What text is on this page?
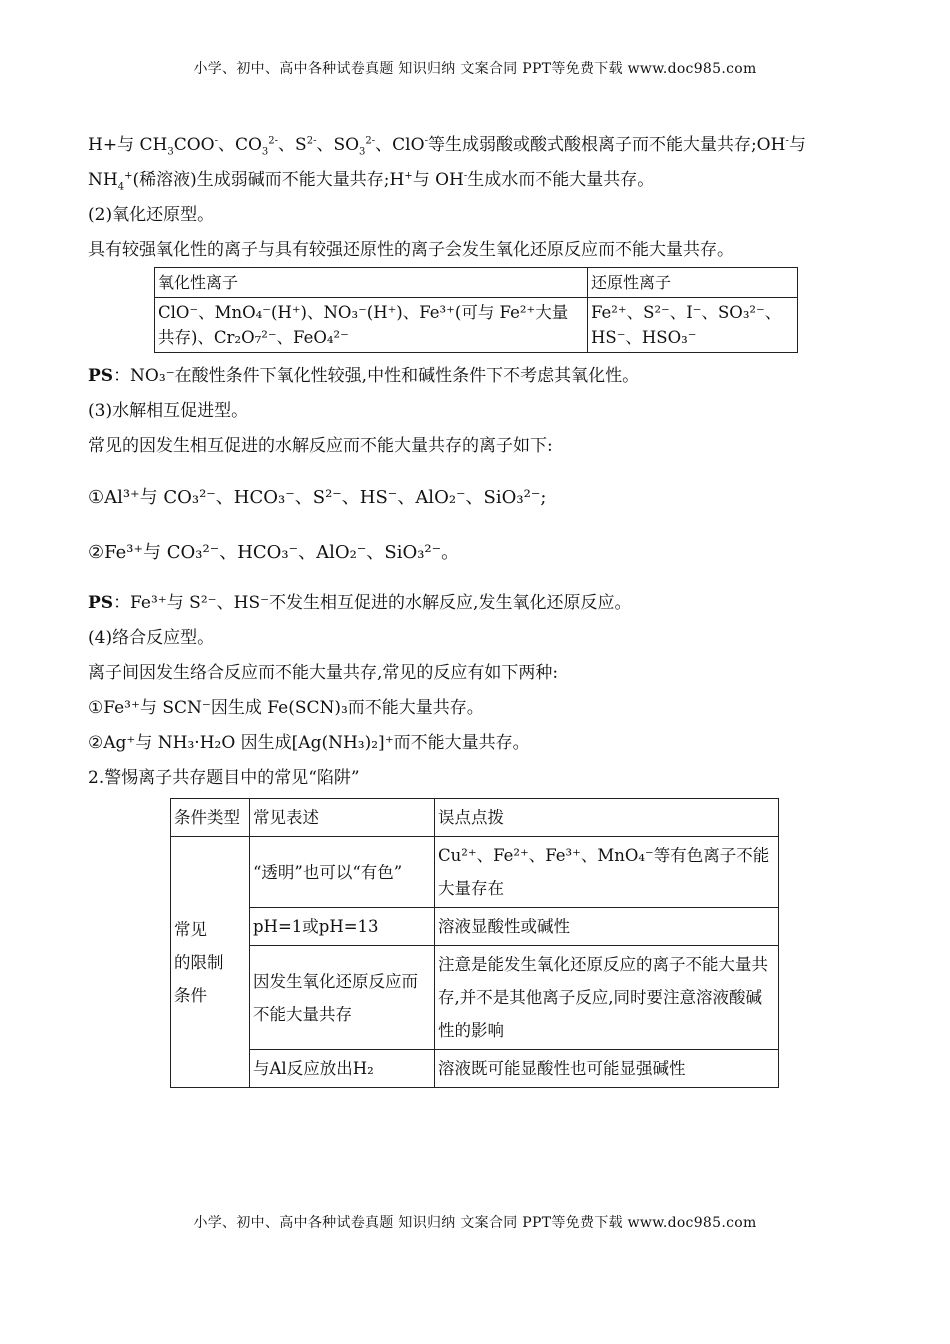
小学、初中、高中各种试卷真题 知识归纳 文案合同 PPT等免费下载 www.doc985.com
H+与 $CH_3COO^-$、$CO_3^{2-}$、$S^{2-}$、$SO_3^{2-}$、ClO-等生成弱酸或酸式酸根离子而不能大量共存;OH-与
$NH_4^+$(稀溶液)生成弱碱而不能大量共存;H+与 OH-生成水而不能大量共存。
(2)氧化还原型。
具有较强氧化性的离子与具有较强还原性的离子会发生氧化还原反应而不能大量共存。
氧化性离子	还原性离子
ClO⁻、MnO₄⁻(H⁺)、NO₃⁻(H⁺)、Fe³⁺(可与 Fe²⁺大量共存)、Cr₂O₇²⁻、FeO₄²⁻	Fe²⁺、S²⁻、I⁻、SO₃²⁻、HS⁻、HSO₃⁻
PS：NO₃⁻在酸性条件下氧化性较强,中性和碱性条件下不考虑其氧化性。
(3)水解相互促进型。
常见的因发生相互促进的水解反应而不能大量共存的离子如下:
①Al³⁺与 CO₃²⁻、HCO₃⁻、S²⁻、HS⁻、AlO₂⁻、SiO₃²⁻;
②Fe³⁺与 CO₃²⁻、HCO₃⁻、AlO₂⁻、SiO₃²⁻。
PS：Fe³⁺与 S²⁻、HS⁻不发生相互促进的水解反应,发生氧化还原反应。
(4)络合反应型。
离子间因发生络合反应而不能大量共存,常见的反应有如下两种:
①Fe³⁺与 SCN⁻因生成 Fe(SCN)₃而不能大量共存。
②Ag⁺与 NH₃·H₂O 因生成[Ag(NH₃)₂]⁺而不能大量共存。
2.警惕离子共存题目中的常见“陷阱”
条件类型	常见表述	误点点拨

常见
的限制
条件	“透明”也可以“有色”	Cu²⁺、Fe²⁺、Fe³⁺、MnO₄⁻等有色离子不能大量存在
	pH=1或pH=13	溶液显酸性或碱性
	因发生氧化还原反应而不能大量共存	注意是能发生氧化还原反应的离子不能大量共存,并不是其他离子反应,同时要注意溶液酸碱性的影响
	与Al反应放出H₂	溶液既可能显酸性也可能显强碱性
小学、初中、高中各种试卷真题 知识归纳 文案合同 PPT等免费下载 www.doc985.com
